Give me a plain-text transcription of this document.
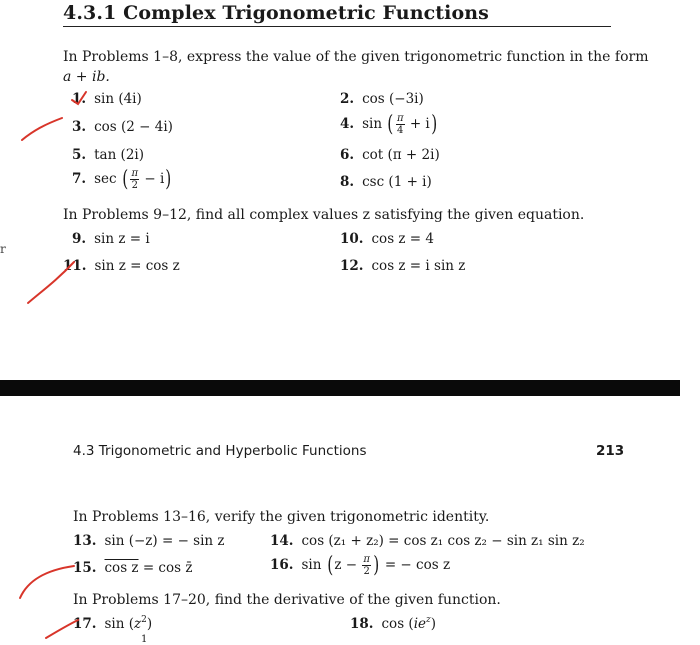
4.3.1 Complex Trigonometric Functions
In Problems 1–8, express the value of the given trigonometric function in the form
a + ib.
1. sin (4i)	2. cos (−3i)
3. cos (2 − 4i)	4. sin ( $\frac{\pi}{4} + i$)
5. tan (2i)	6. cot (π + 2i)
7. sec ( $\frac{\pi}{2} - i$)	8. csc (1 + i)
In Problems 9–12, find all complex values z satisfying the given equation.
9. sin z = i	10. cos z = 4
11. sin z = cos z	12. cos z = i sin z
r
4.3 Trigonometric and Hyperbolic Functions	213
In Problems 13–16, verify the given trigonometric identity.
13. sin (−z) = − sin z	14. cos (z₁ + z₂) = cos z₁ cos z₂ − sin z₁ sin z₂
15. cos z = cos z̄	16. $\sin (z - \frac{\pi}{2}$ ) = − cos z
In Problems 17–20, find the derivative of the given function.
17. $\sin (z^2)$	18. $\cos (ie^z)$
1
